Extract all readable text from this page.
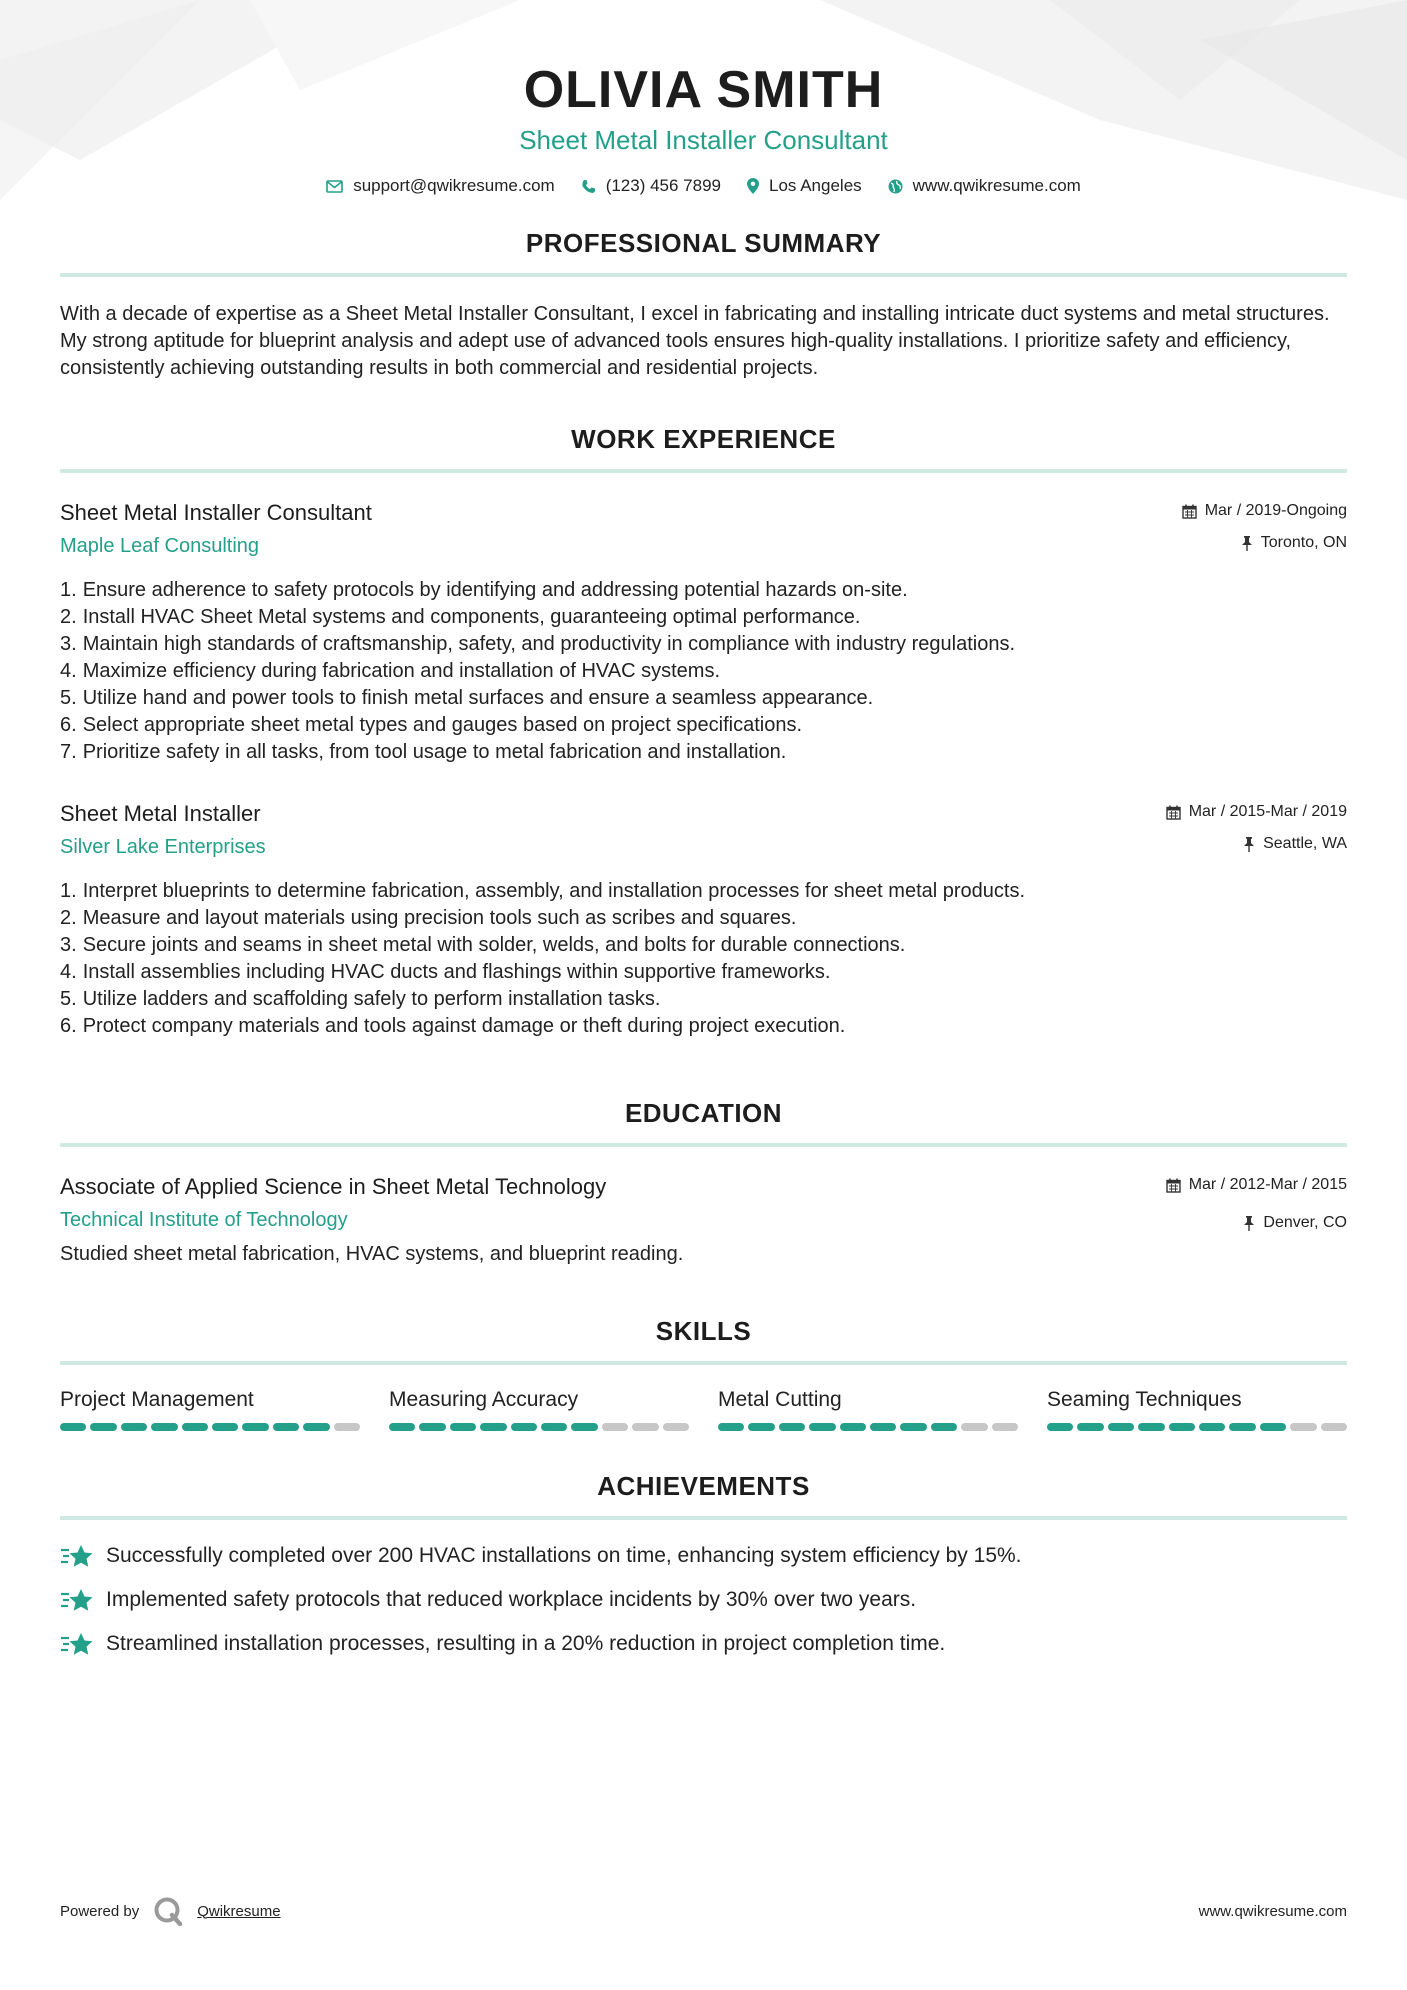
OLIVIA SMITH
Sheet Metal Installer Consultant
support@qwikresume.com	(123) 456 7899	Los Angeles	www.qwikresume.com
PROFESSIONAL SUMMARY

With a decade of expertise as a Sheet Metal Installer Consultant, I excel in fabricating and installing intricate duct systems and metal structures. My strong aptitude for blueprint analysis and adept use of advanced tools ensures high-quality installations. I prioritize safety and efficiency, consistently achieving outstanding results in both commercial and residential projects.

WORK EXPERIENCE
Sheet Metal Installer Consultant
Maple Leaf Consulting
Mar / 2019-Ongoing
Toronto, ON
1. Ensure adherence to safety protocols by identifying and addressing potential hazards on-site.
2. Install HVAC Sheet Metal systems and components, guaranteeing optimal performance.
3. Maintain high standards of craftsmanship, safety, and productivity in compliance with industry regulations.
4. Maximize efficiency during fabrication and installation of HVAC systems.
5. Utilize hand and power tools to finish metal surfaces and ensure a seamless appearance.
6. Select appropriate sheet metal types and gauges based on project specifications.
7. Prioritize safety in all tasks, from tool usage to metal fabrication and installation.
Sheet Metal Installer
Silver Lake Enterprises
Mar / 2015-Mar / 2019
Seattle, WA
1. Interpret blueprints to determine fabrication, assembly, and installation processes for sheet metal products.
2. Measure and layout materials using precision tools such as scribes and squares.
3. Secure joints and seams in sheet metal with solder, welds, and bolts for durable connections.
4. Install assemblies including HVAC ducts and flashings within supportive frameworks.
5. Utilize ladders and scaffolding safely to perform installation tasks.
6. Protect company materials and tools against damage or theft during project execution.
EDUCATION
Associate of Applied Science in Sheet Metal Technology
Technical Institute of Technology
Mar / 2012-Mar / 2015
Denver, CO
Studied sheet metal fabrication, HVAC systems, and blueprint reading.
SKILLS
Project Management	Measuring Accuracy	Metal Cutting	Seaming Techniques
ACHIEVEMENTS
Successfully completed over 200 HVAC installations on time, enhancing system efficiency by 15%.
Implemented safety protocols that reduced workplace incidents by 30% over two years.
Streamlined installation processes, resulting in a 20% reduction in project completion time.
Powered by	Qwikresume	www.qwikresume.com
